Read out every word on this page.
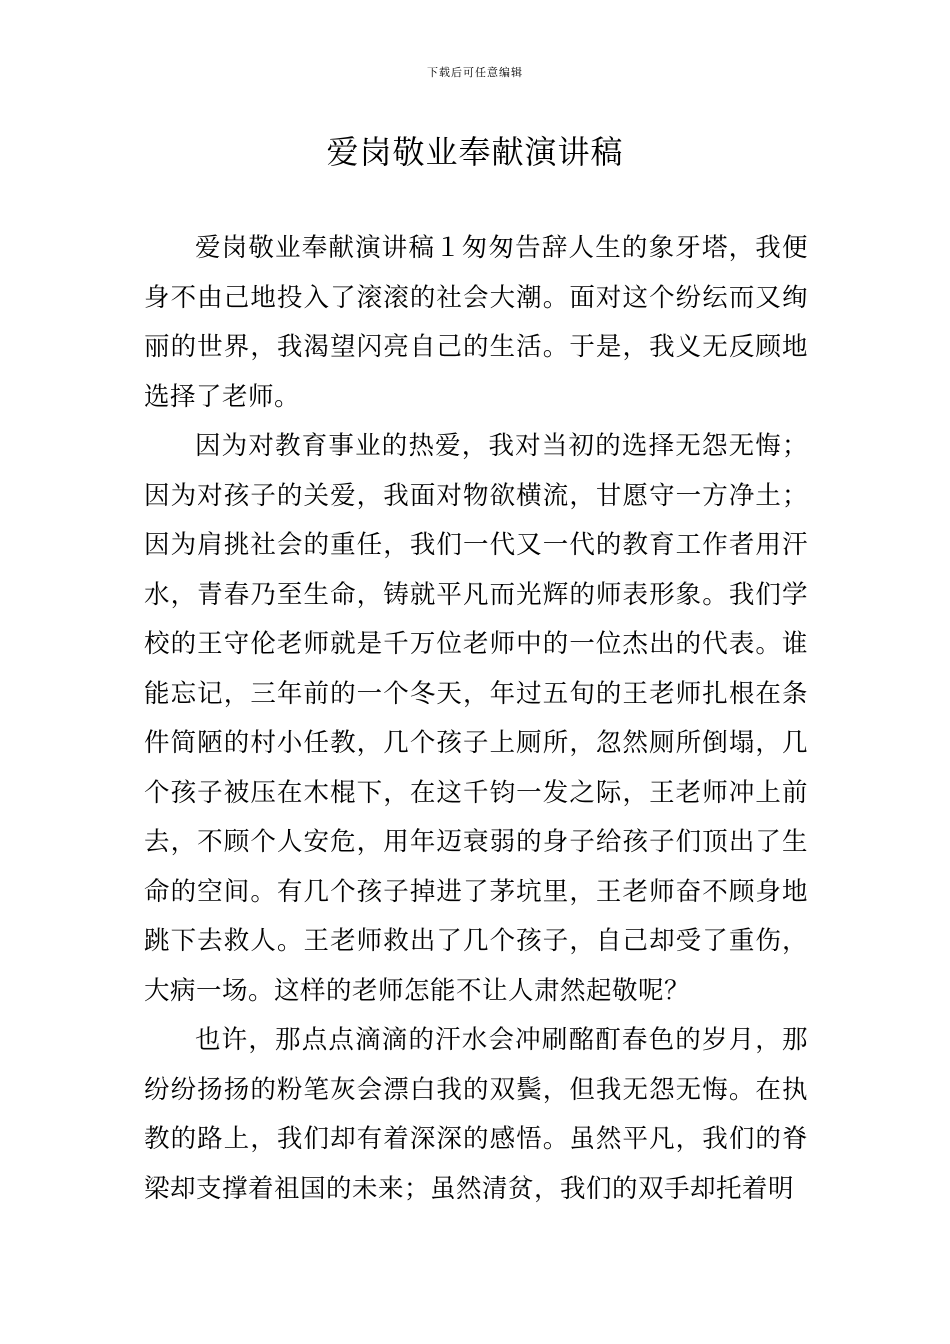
下载后可任意编辑
爱岗敬业奉献演讲稿

爱岗敬业奉献演讲稿１匆匆告辞人生的象牙塔，我便身不由己地投入了滚滚的社会大潮。面对这个纷纭而又绚丽的世界，我渴望闪亮自己的生活。于是，我义无反顾地选择了老师。

因为对教育事业的热爱，我对当初的选择无怨无悔；因为对孩子的关爱，我面对物欲横流，甘愿守一方净土；因为肩挑社会的重任，我们一代又一代的教育工作者用汗水，青春乃至生命，铸就平凡而光辉的师表形象。我们学校的王守伦老师就是千万位老师中的一位杰出的代表。谁能忘记，三年前的一个冬天，年过五旬的王老师扎根在条件简陋的村小任教，几个孩子上厕所，忽然厕所倒塌，几个孩子被压在木棍下，在这千钧一发之际，王老师冲上前去，不顾个人安危，用年迈衰弱的身子给孩子们顶出了生命的空间。有几个孩子掉进了茅坑里，王老师奋不顾身地跳下去救人。王老师救出了几个孩子，自己却受了重伤，大病一场。这样的老师怎能不让人肃然起敬呢？

也许，那点点滴滴的汗水会冲刷酩酊春色的岁月，那纷纷扬扬的粉笔灰会漂白我的双鬓，但我无怨无悔。在执教的路上，我们却有着深深的感悟。虽然平凡，我们的脊梁却支撑着祖国的未来；虽然清贫，我们的双手却托着明
